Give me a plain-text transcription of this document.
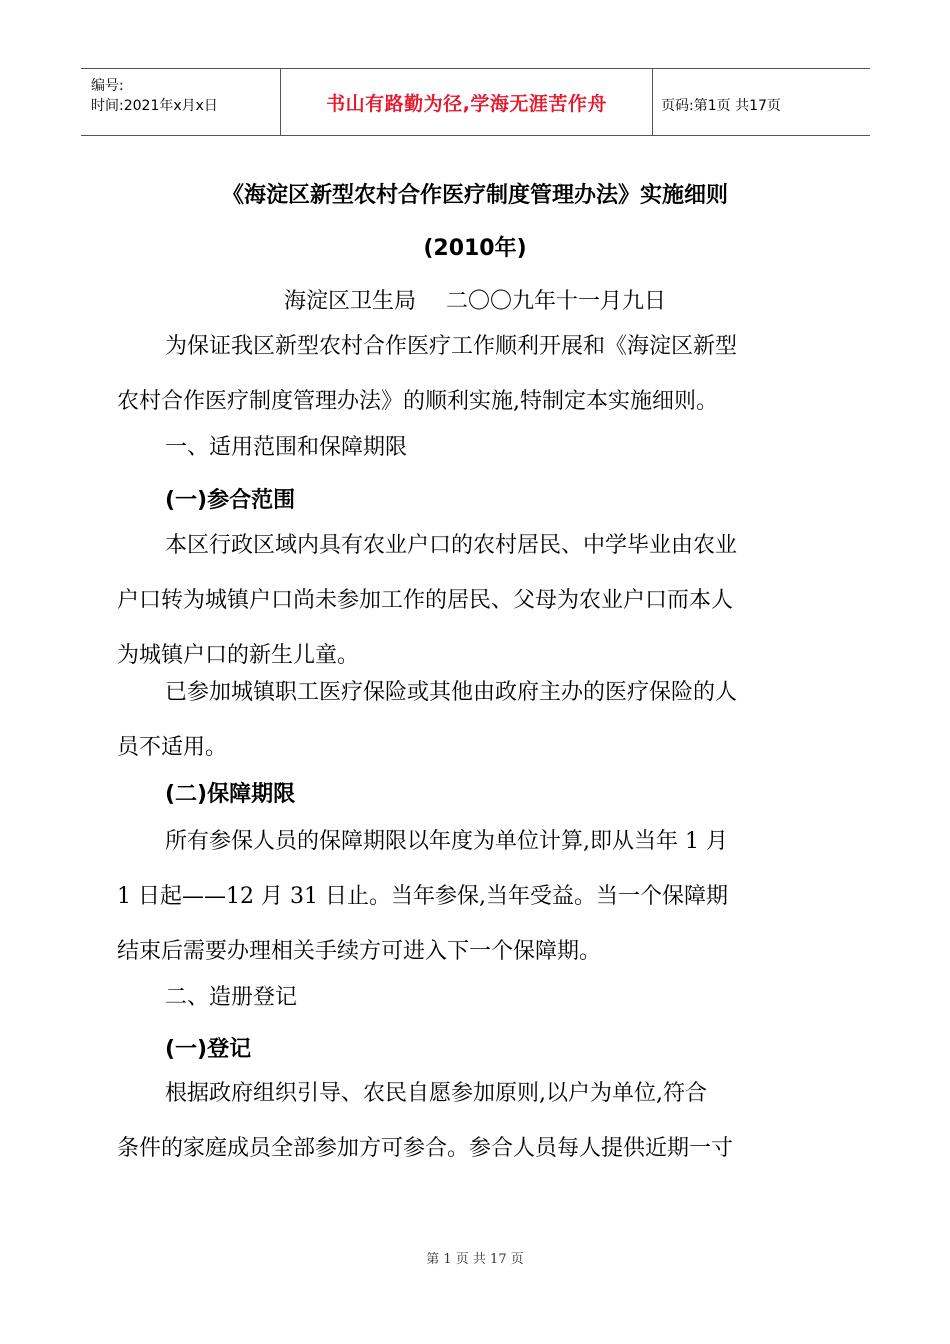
编号:
时间:2021年x月x日	书山有路勤为径,学海无涯苦作舟	页码:第1页 共17页
《海淀区新型农村合作医疗制度管理办法》实施细则
(2010年)
海淀区卫生局 二〇〇九年十一月九日
为保证我区新型农村合作医疗工作顺利开展和《海淀区新型
农村合作医疗制度管理办法》的顺利实施,特制定本实施细则。
一、适用范围和保障期限
(一)参合范围
本区行政区域内具有农业户口的农村居民、中学毕业由农业
户口转为城镇户口尚未参加工作的居民、父母为农业户口而本人
为城镇户口的新生儿童。
已参加城镇职工医疗保险或其他由政府主办的医疗保险的人
员不适用。
(二)保障期限
所有参保人员的保障期限以年度为单位计算,即从当年 1 月
1 日起——12 月 31 日止。当年参保,当年受益。当一个保障期
结束后需要办理相关手续方可进入下一个保障期。
二、造册登记
(一)登记
根据政府组织引导、农民自愿参加原则,以户为单位,符合
条件的家庭成员全部参加方可参合。参合人员每人提供近期一寸
第 1 页 共 17 页
